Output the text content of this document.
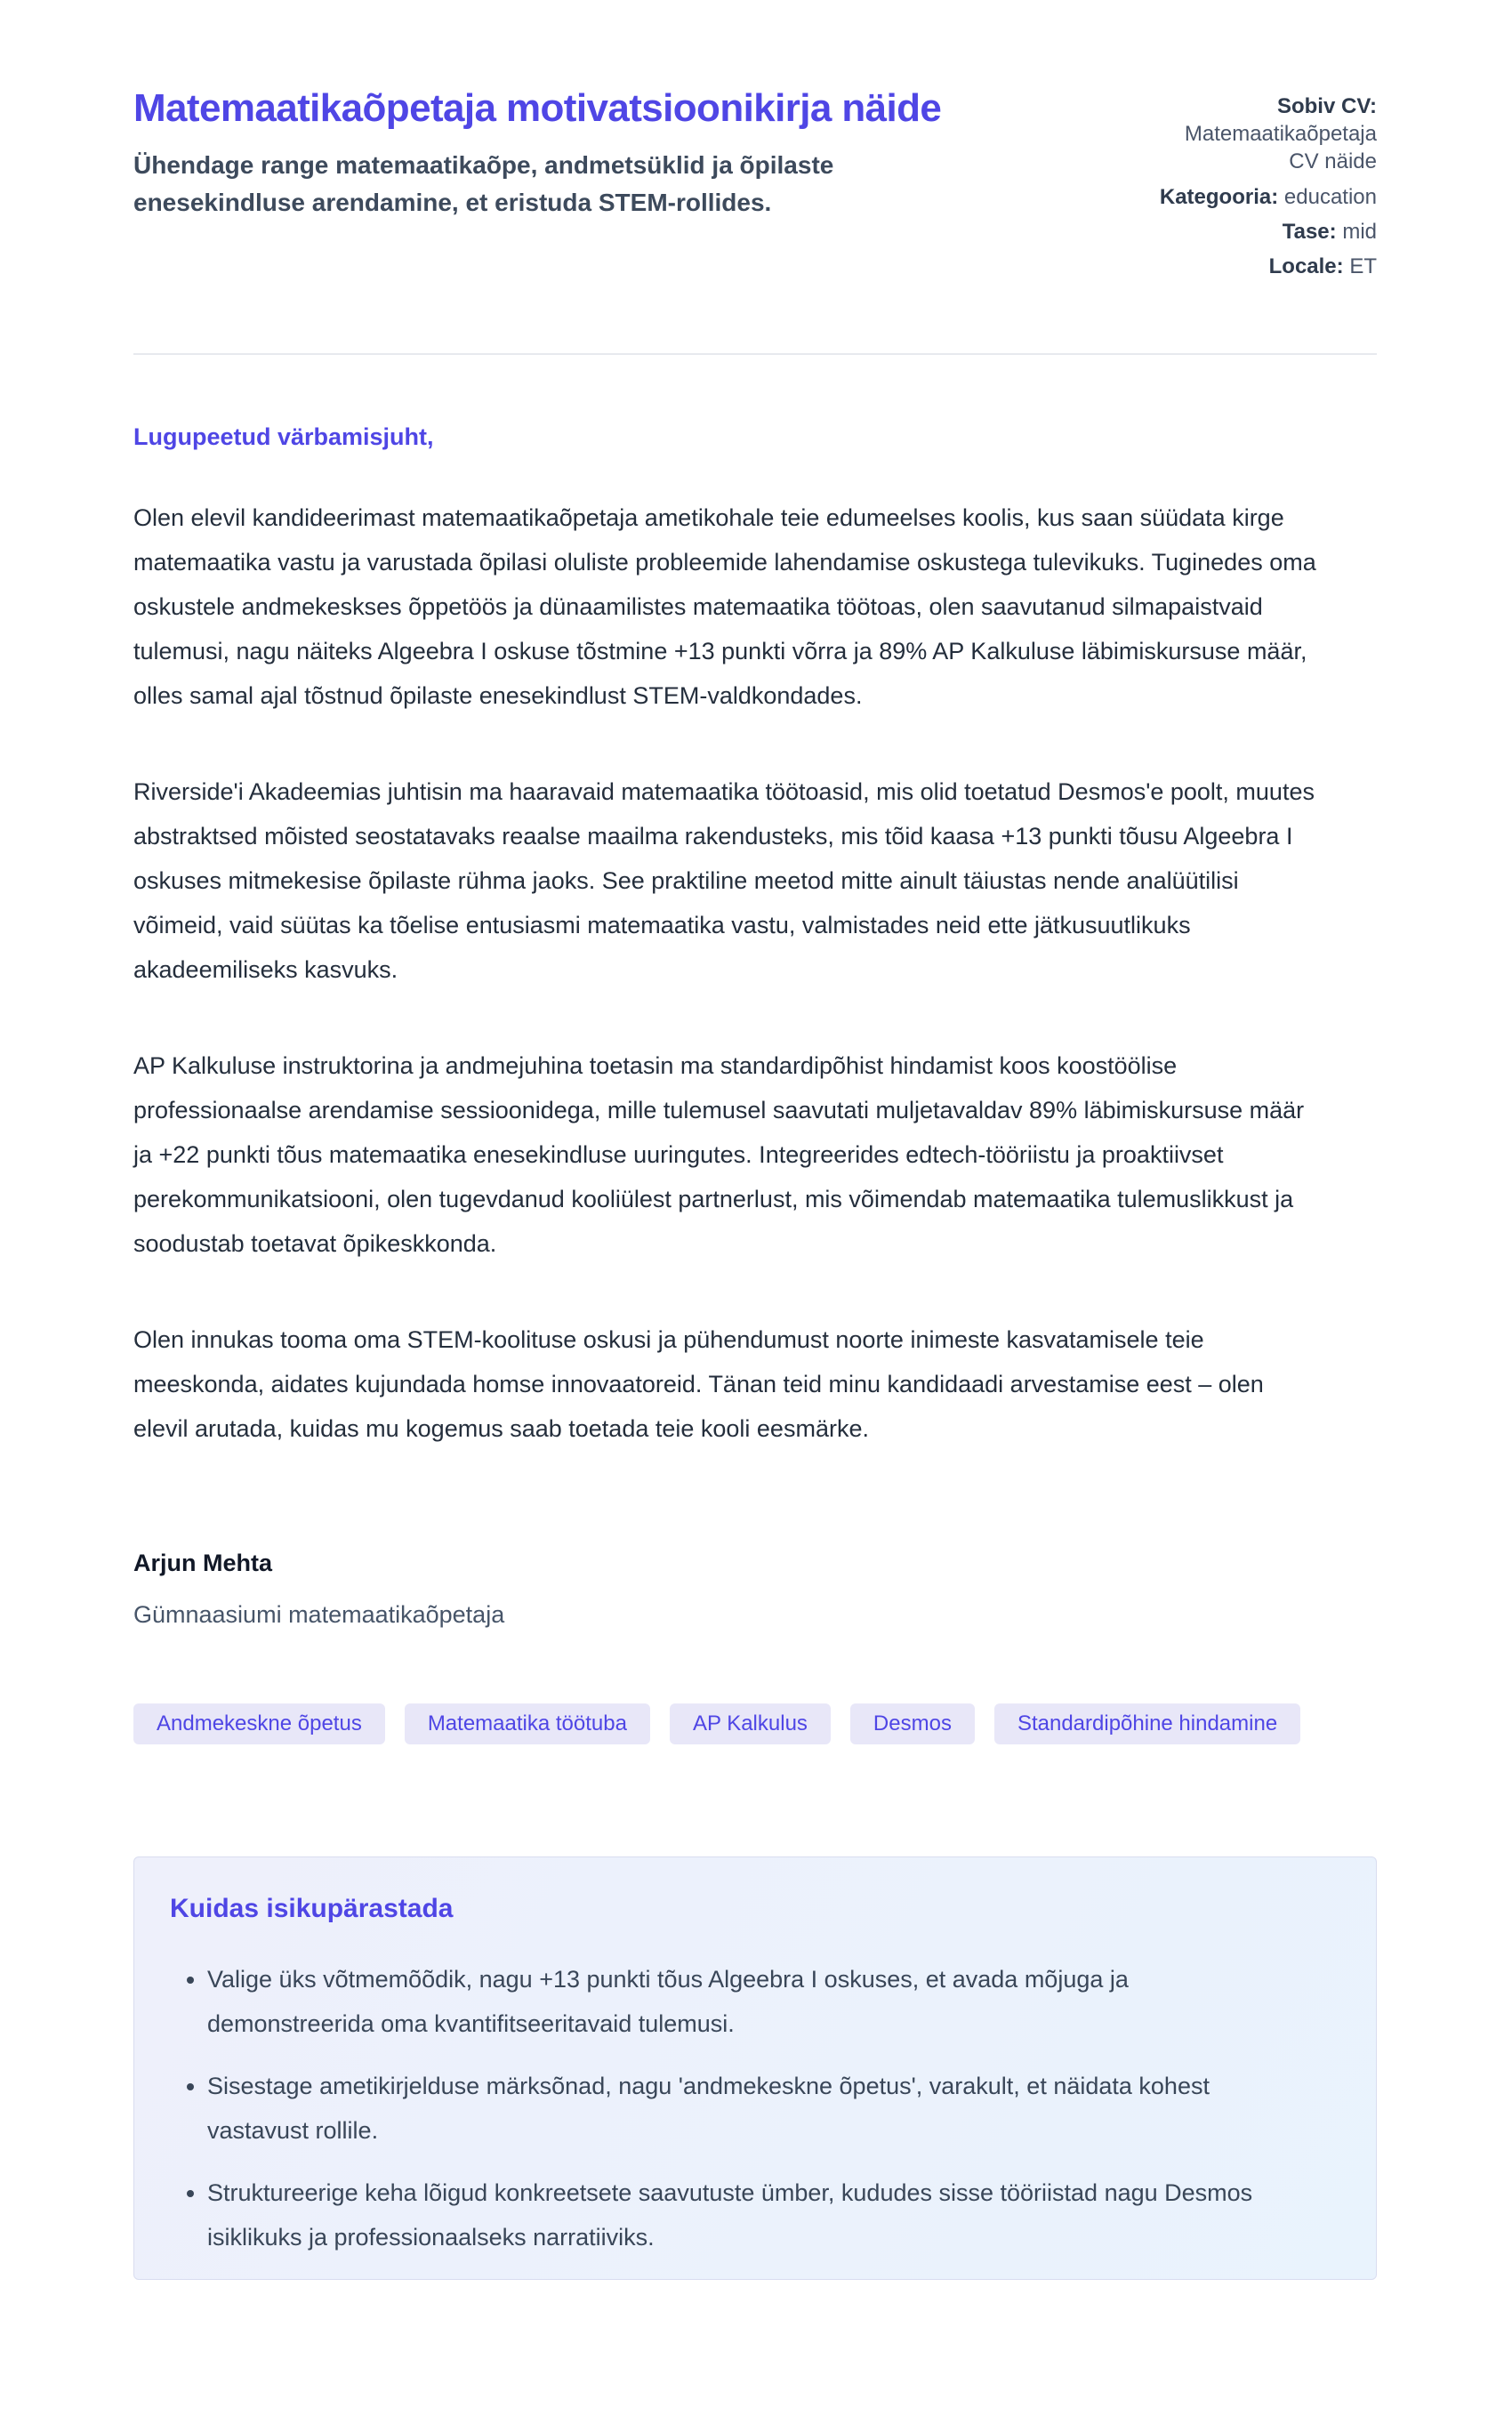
Matemaatikaõpetaja motivatsioonikirja näide

Ühendage range matemaatikaõpe, andmetsüklid ja õpilaste enesekindluse arendamine, et eristuda STEM-rollides.

Sobiv CV: Matemaatikaõpetaja CV näide
Kategooria: education
Tase: mid
Locale: ET

Lugupeetud värbamisjuht,

Olen elevil kandideerimast matemaatikaõpetaja ametikohale teie edumeelses koolis, kus saan süüdata kirge matemaatika vastu ja varustada õpilasi oluliste probleemide lahendamise oskustega tulevikuks. Tuginedes oma oskustele andmekeskses õppetöös ja dünaamilistes matemaatika töötoas, olen saavutanud silmapaistvaid tulemusi, nagu näiteks Algeebra I oskuse tõstmine +13 punkti võrra ja 89% AP Kalkuluse läbimiskursuse määr, olles samal ajal tõstnud õpilaste enesekindlust STEM-valdkondades.

Riverside'i Akadeemias juhtisin ma haaravaid matemaatika töötoasid, mis olid toetatud Desmos'e poolt, muutes abstraktsed mõisted seostatavaks reaalse maailma rakendusteks, mis tõid kaasa +13 punkti tõusu Algeebra I oskuses mitmekesise õpilaste rühma jaoks. See praktiline meetod mitte ainult täiustas nende analüütilisi võimeid, vaid süütas ka tõelise entusiasmi matemaatika vastu, valmistades neid ette jätkusuutlikuks akadeemiliseks kasvuks.

AP Kalkuluse instruktorina ja andmejuhina toetasin ma standardipõhist hindamist koos koostöölise professionaalse arendamise sessioonidega, mille tulemusel saavutati muljetavaldav 89% läbimiskursuse määr ja +22 punkti tõus matemaatika enesekindluse uuringutes. Integreerides edtech-tööriistu ja proaktiivset perekommunikatsiooni, olen tugevdanud kooliülest partnerlust, mis võimendab matemaatika tulemuslikkust ja soodustab toetavat õpikeskkonda.

Olen innukas tooma oma STEM-koolituse oskusi ja pühendumust noorte inimeste kasvatamisele teie meeskonda, aidates kujundada homse innovaatoreid. Tänan teid minu kandidaadi arvestamise eest – olen elevil arutada, kuidas mu kogemus saab toetada teie kooli eesmärke.

Arjun Mehta

Gümnaasiumi matemaatikaõpetaja

Andmekeskne õpetus	Matemaatika töötuba	AP Kalkulus	Desmos	Standardipõhine hindamine
Kuidas isikupärastada
• Valige üks võtmemõõdik, nagu +13 punkti tõus Algeebra I oskuses, et avada mõjuga ja demonstreerida oma kvantifitseeritavaid tulemusi.
• Sisestage ametikirjelduse märksõnad, nagu 'andmekeskne õpetus', varakult, et näidata kohest vastavust rollile.
• Struktureerige keha lõigud konkreetsete saavutuste ümber, kududes sisse tööriistad nagu Desmos isiklikuks ja professionaalseks narratiiviks.
